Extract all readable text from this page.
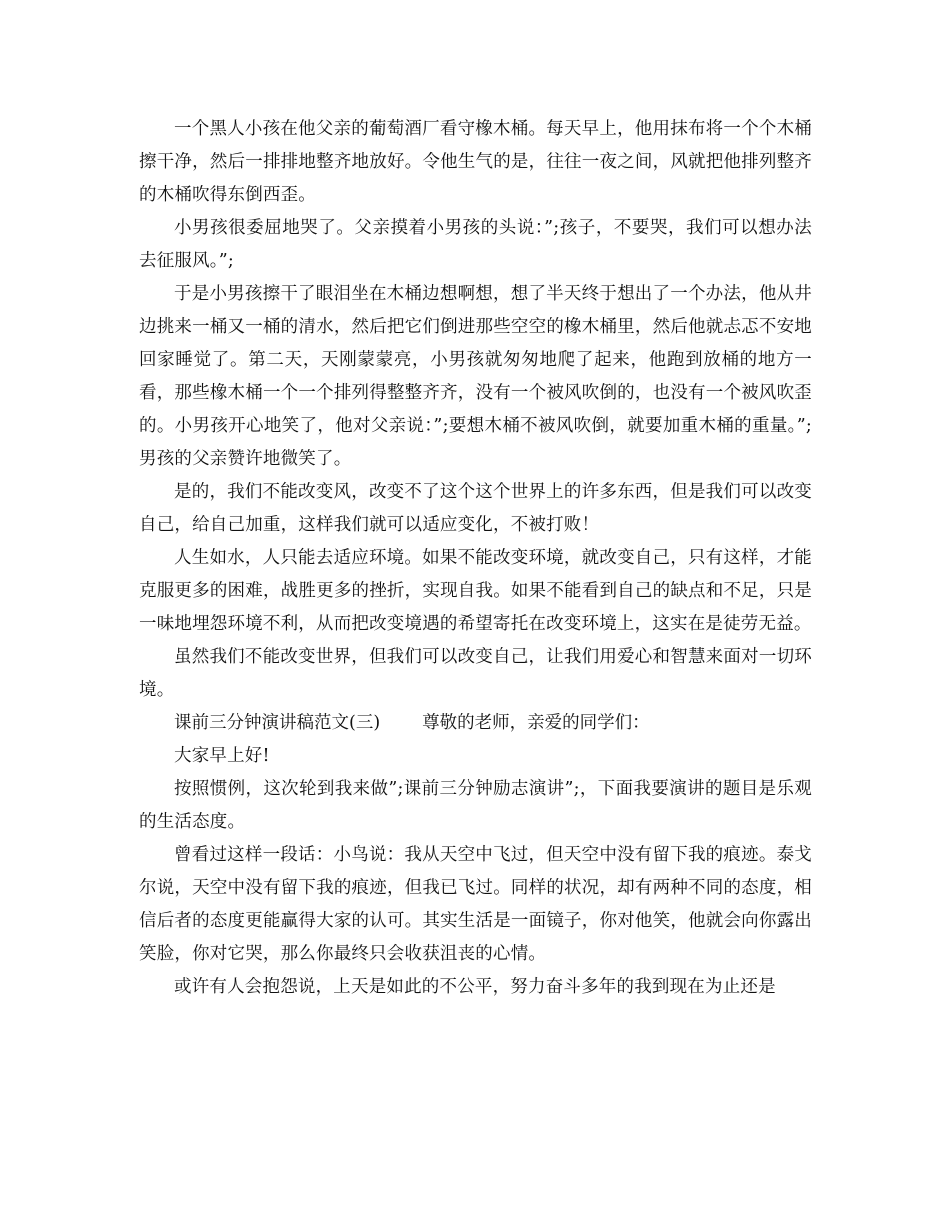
一个黑人小孩在他父亲的葡萄酒厂看守橡木桶。每天早上，他用抹布将一个个木桶擦干净，然后一排排地整齐地放好。令他生气的是，往往一夜之间，风就把他排列整齐的木桶吹得东倒西歪。

小男孩很委屈地哭了。父亲摸着小男孩的头说：”;孩子，不要哭，我们可以想办法去征服风。”;

于是小男孩擦干了眼泪坐在木桶边想啊想，想了半天终于想出了一个办法，他从井边挑来一桶又一桶的清水，然后把它们倒进那些空空的橡木桶里，然后他就忐忑不安地回家睡觉了。第二天，天刚蒙蒙亮，小男孩就匆匆地爬了起来，他跑到放桶的地方一看，那些橡木桶一个一个排列得整整齐齐，没有一个被风吹倒的，也没有一个被风吹歪的。小男孩开心地笑了，他对父亲说：”;要想木桶不被风吹倒，就要加重木桶的重量。”;男孩的父亲赞许地微笑了。

是的，我们不能改变风，改变不了这个这个世界上的许多东西，但是我们可以改变自己，给自己加重，这样我们就可以适应变化，不被打败！

人生如水，人只能去适应环境。如果不能改变环境，就改变自己，只有这样，才能克服更多的困难，战胜更多的挫折，实现自我。如果不能看到自己的缺点和不足，只是一味地埋怨环境不利，从而把改变境遇的希望寄托在改变环境上，这实在是徒劳无益。

虽然我们不能改变世界，但我们可以改变自己，让我们用爱心和智慧来面对一切环境。

课前三分钟演讲稿范文(三) 尊敬的老师，亲爱的同学们：

大家早上好!

按照惯例，这次轮到我来做”;课前三分钟励志演讲”;，下面我要演讲的题目是乐观的生活态度。

曾看过这样一段话：小鸟说：我从天空中飞过，但天空中没有留下我的痕迹。泰戈尔说，天空中没有留下我的痕迹，但我已飞过。同样的状况，却有两种不同的态度，相信后者的态度更能赢得大家的认可。其实生活是一面镜子，你对他笑，他就会向你露出笑脸，你对它哭，那么你最终只会收获沮丧的心情。

或许有人会抱怨说，上天是如此的不公平，努力奋斗多年的我到现在为止还是
